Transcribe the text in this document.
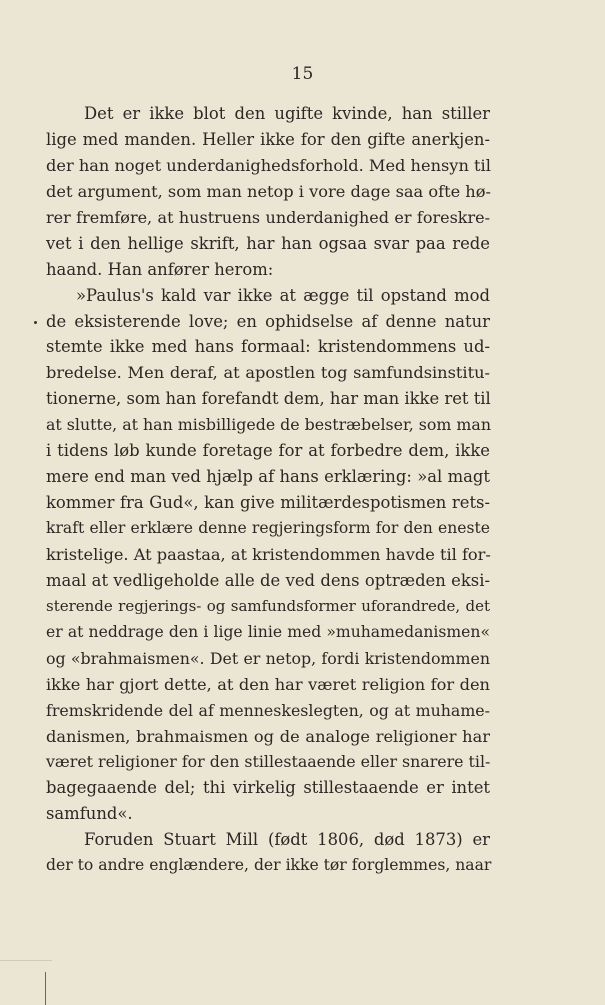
15
Det er ikke blot den ugifte kvinde, han stiller
lige med manden. Heller ikke for den gifte anerkjen-
der han noget underdanighedsforhold. Med hensyn til
det argument, som man netop i vore dage saa ofte hø-
rer fremføre, at hustruens underdanighed er foreskre-
vet i den hellige skrift, har han ogsaa svar paa rede
haand. Han anfører herom:
»Paulus's kald var ikke at ægge til opstand mod
de eksisterende love; en ophidselse af denne natur
stemte ikke med hans formaal: kristendommens ud-
bredelse. Men deraf, at apostlen tog samfundsinstitu-
tionerne, som han forefandt dem, har man ikke ret til
at slutte, at han misbilligede de bestræbelser, som man
i tidens løb kunde foretage for at forbedre dem, ikke
mere end man ved hjælp af hans erklæring: »al magt
kommer fra Gud«, kan give militærdespotismen rets-
kraft eller erklære denne regjeringsform for den eneste
kristelige. At paastaa, at kristendommen havde til for-
maal at vedligeholde alle de ved dens optræden eksi-
sterende regjerings- og samfundsformer uforandrede, det
er at neddrage den i lige linie med »muhamedanismen«
og «brahmaismen«. Det er netop, fordi kristendommen
ikke har gjort dette, at den har været religion for den
fremskridende del af menneskeslegten, og at muhame-
danismen, brahmaismen og de analoge religioner har
været religioner for den stillestaaende eller snarere til-
bagegaaende del; thi virkelig stillestaaende er intet
samfund«.
Foruden Stuart Mill (født 1806, død 1873) er
der to andre englændere, der ikke tør forglemmes, naar
